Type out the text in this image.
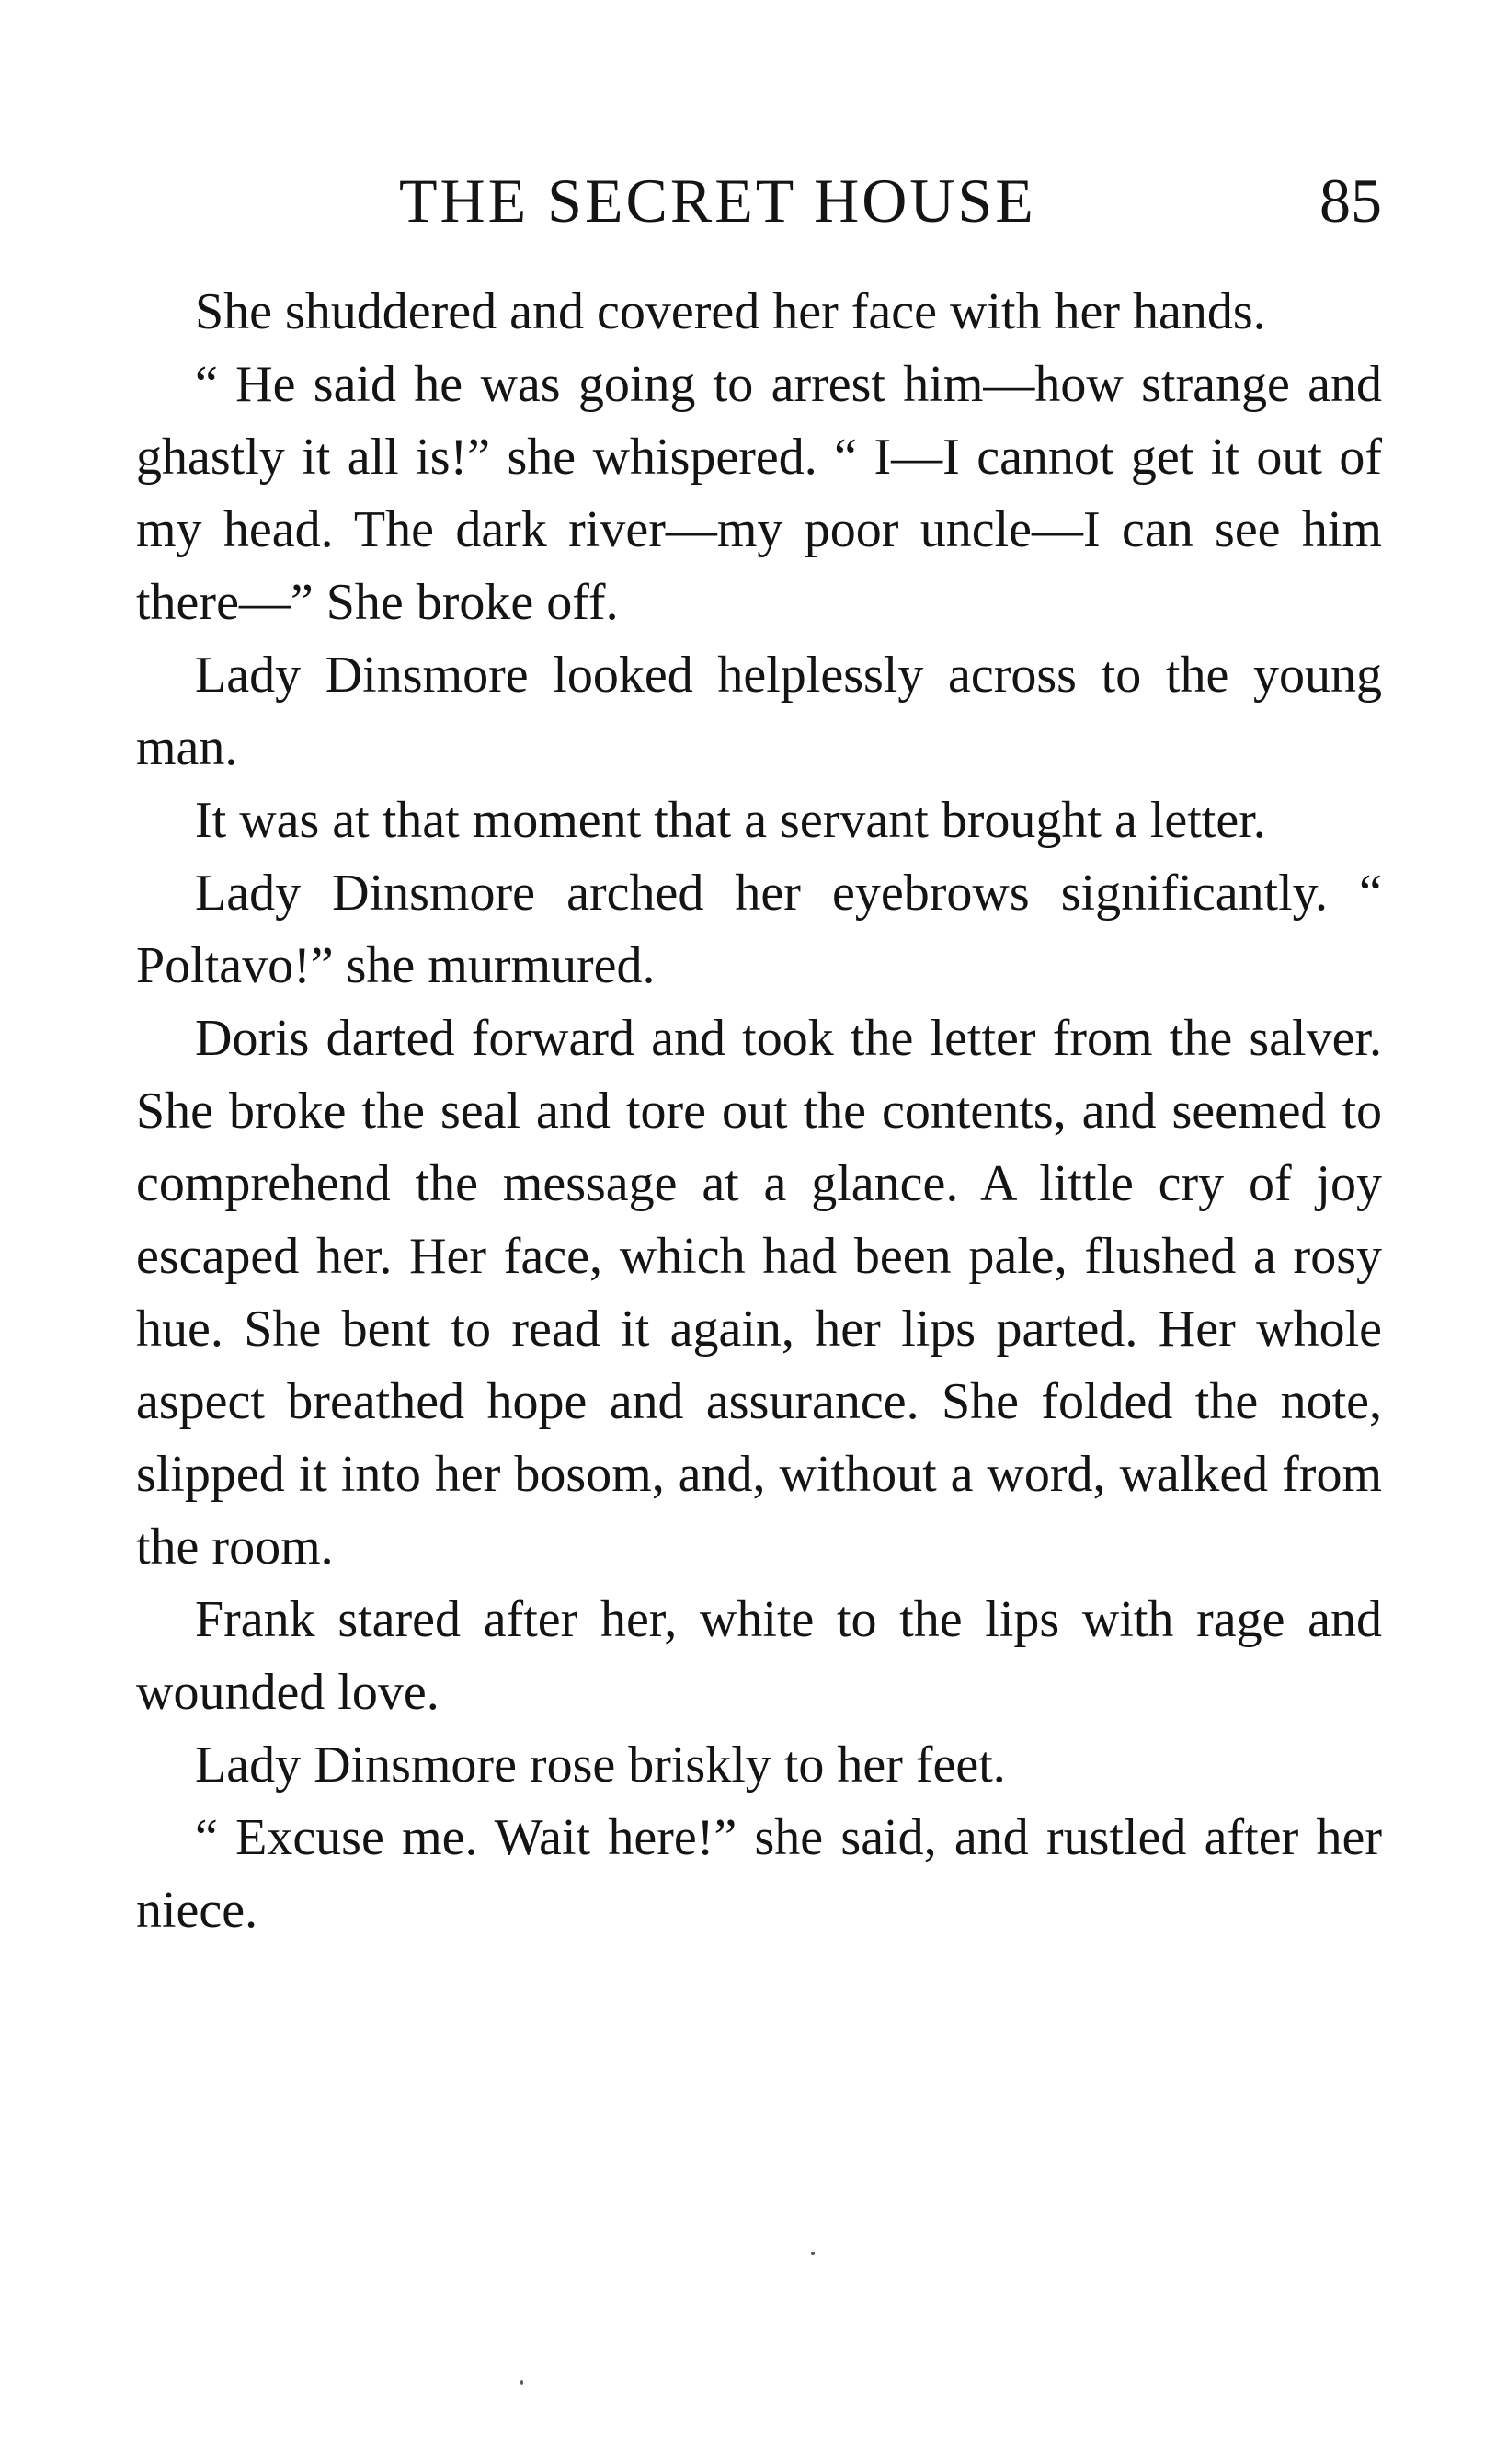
THE SECRET HOUSE	85

She shuddered and covered her face with her hands.

“ He said he was going to arrest him—how strange and ghastly it all is!” she whispered. “ I—I cannot get it out of my head. The dark river—my poor uncle—I can see him there—” She broke off.

Lady Dinsmore looked helplessly across to the young man.

It was at that moment that a servant brought a letter.

Lady Dinsmore arched her eyebrows significantly. “ Poltavo!” she murmured.

Doris darted forward and took the letter from the salver. She broke the seal and tore out the contents, and seemed to comprehend the message at a glance. A little cry of joy escaped her. Her face, which had been pale, flushed a rosy hue. She bent to read it again, her lips parted. Her whole aspect breathed hope and assurance. She folded the note, slipped it into her bosom, and, without a word, walked from the room.

Frank stared after her, white to the lips with rage and wounded love.

Lady Dinsmore rose briskly to her feet.

“ Excuse me. Wait here!” she said, and rustled after her niece.
